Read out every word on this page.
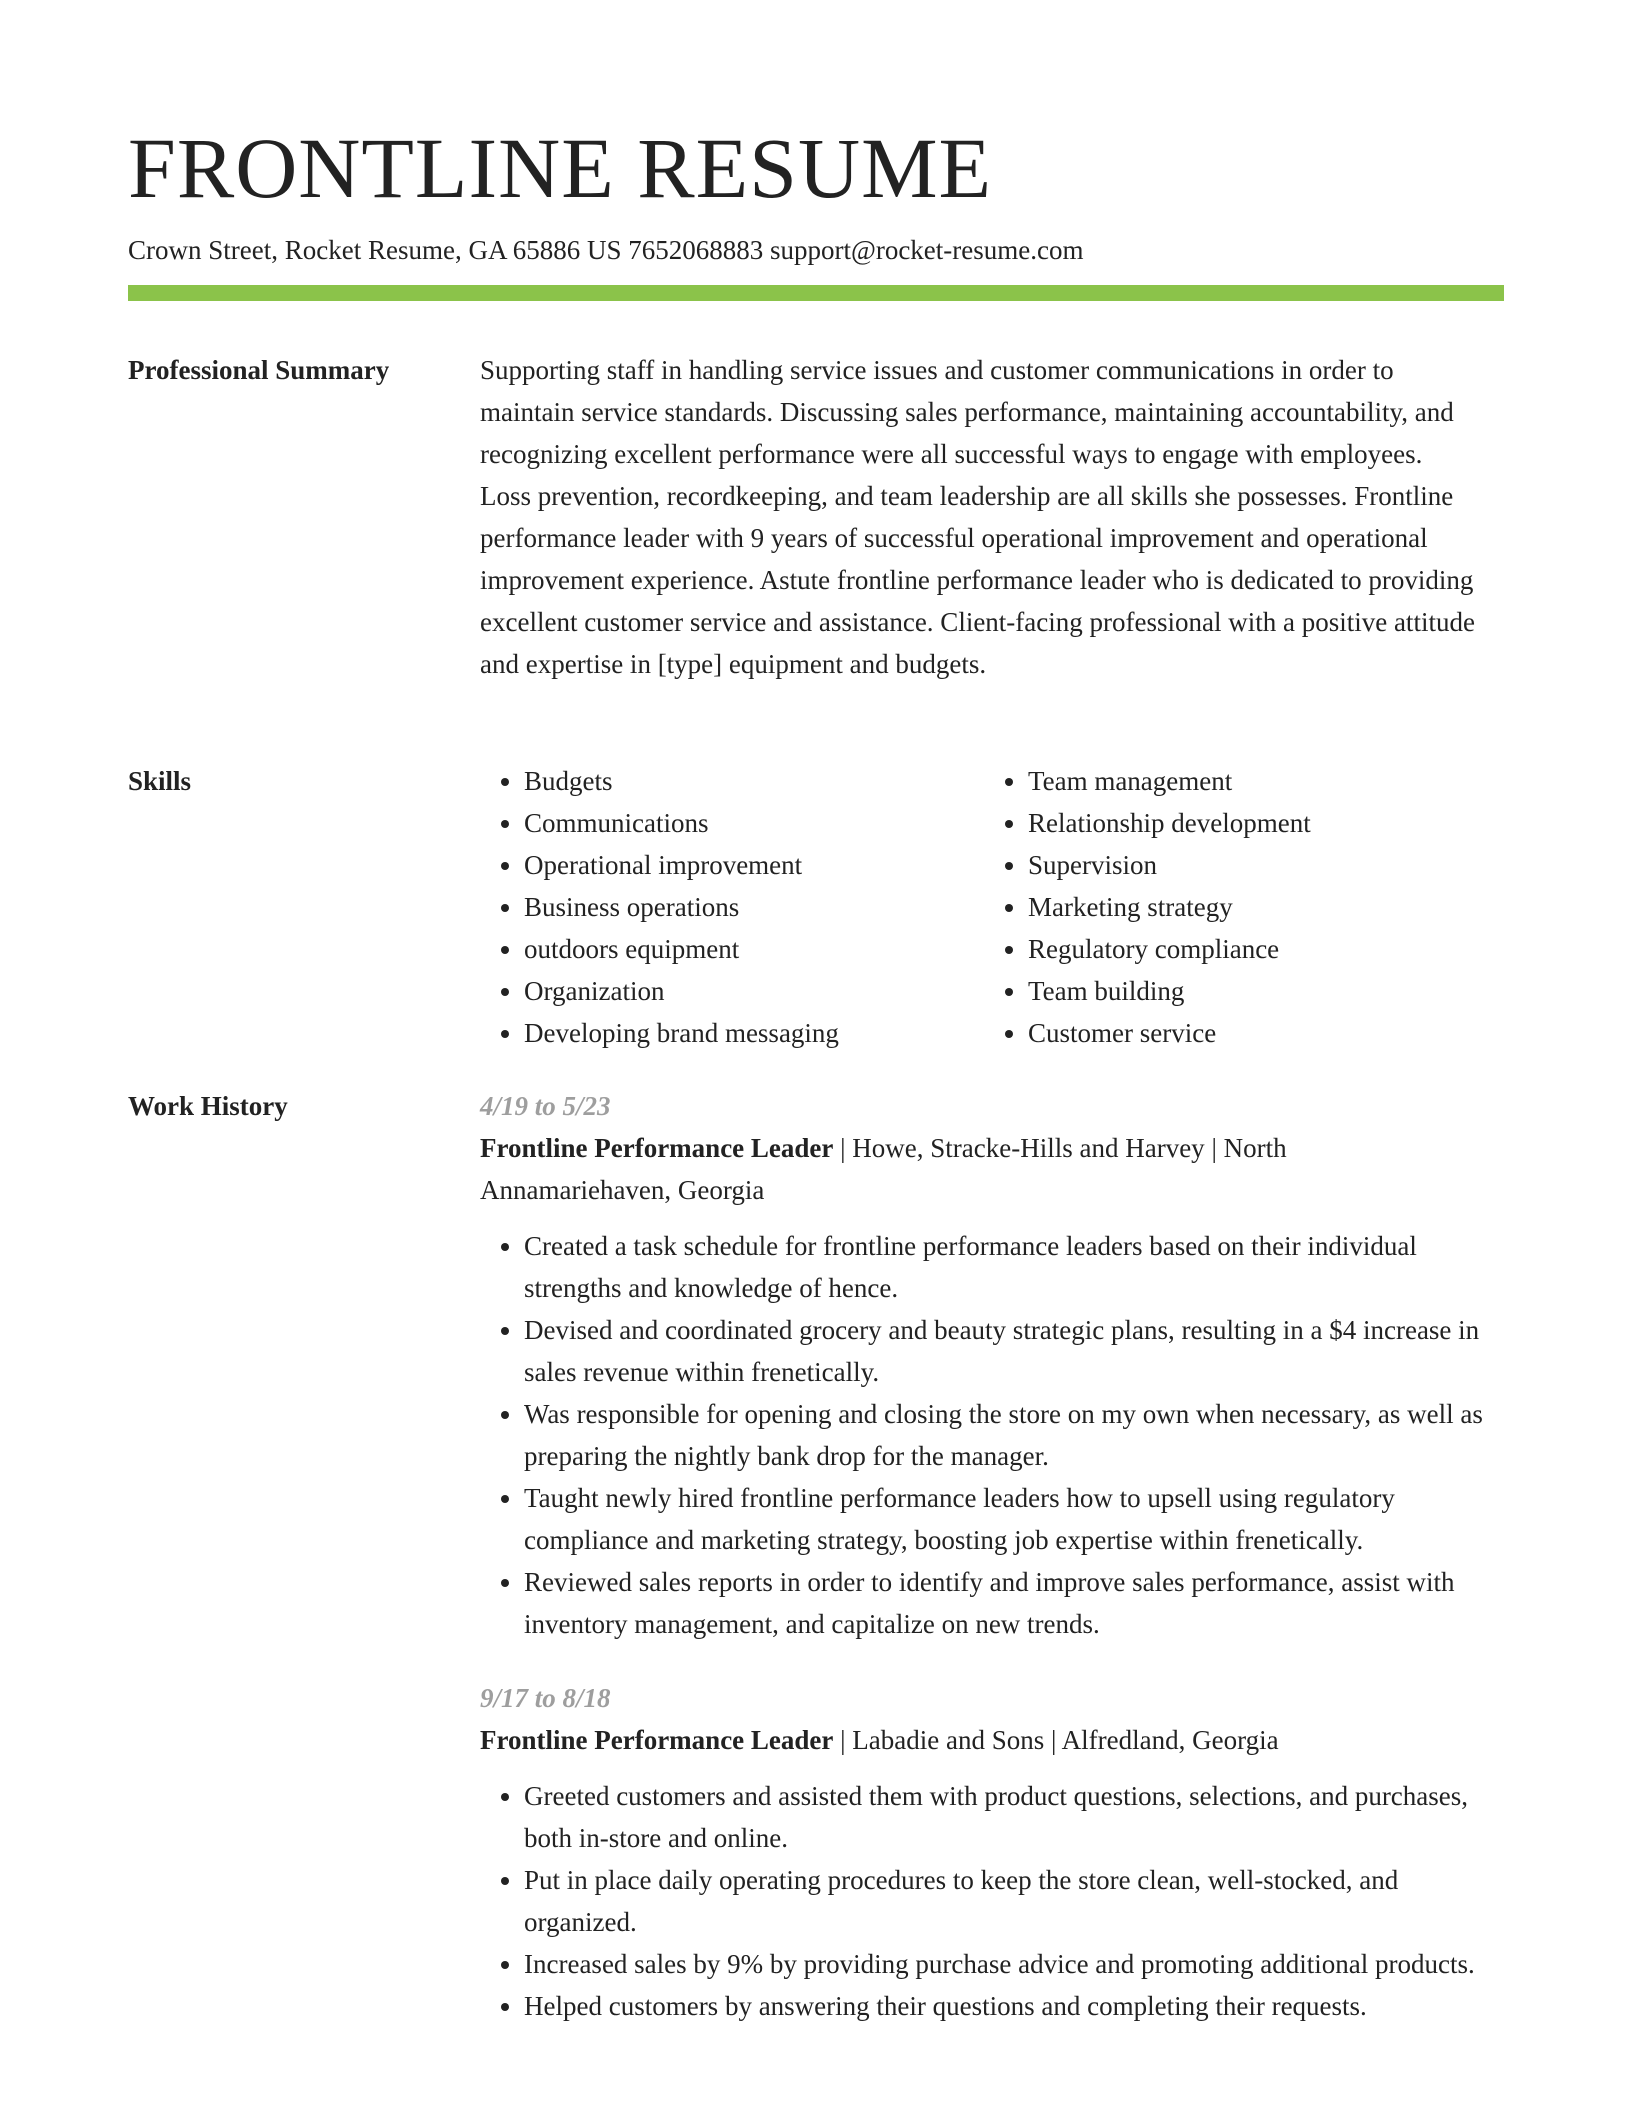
FRONTLINE RESUME
Crown Street, Rocket Resume, GA 65886 US 7652068883 support@rocket-resume.com
Professional Summary	Supporting staff in handling service issues and customer communications in order to maintain service standards. Discussing sales performance, maintaining accountability, and recognizing excellent performance were all successful ways to engage with employees. Loss prevention, recordkeeping, and team leadership are all skills she possesses. Frontline performance leader with 9 years of successful operational improvement and operational improvement experience. Astute frontline performance leader who is dedicated to providing excellent customer service and assistance. Client-facing professional with a positive attitude and expertise in [type] equipment and budgets.

Skills
•	Budgets
• Communications
• Operational improvement
• Business operations
• outdoors equipment
• Organization
• Developing brand messaging
• Team management
• Relationship development
• Supervision
• Marketing strategy
• Regulatory compliance
• Team building
• Customer service
Work History	4/19 to 5/23
Frontline Performance Leader | Howe, Stracke-Hills and Harvey | North Annamariehaven, Georgia
• Created a task schedule for frontline performance leaders based on their individual strengths and knowledge of hence.
• Devised and coordinated grocery and beauty strategic plans, resulting in a $4 increase in sales revenue within frenetically.
• Was responsible for opening and closing the store on my own when necessary, as well as preparing the nightly bank drop for the manager.
• Taught newly hired frontline performance leaders how to upsell using regulatory compliance and marketing strategy, boosting job expertise within frenetically.
• Reviewed sales reports in order to identify and improve sales performance, assist with inventory management, and capitalize on new trends.
9/17 to 8/18
Frontline Performance Leader | Labadie and Sons | Alfredland, Georgia
• Greeted customers and assisted them with product questions, selections, and purchases, both in-store and online.
• Put in place daily operating procedures to keep the store clean, well-stocked, and organized.
• Increased sales by 9% by providing purchase advice and promoting additional products.
• Helped customers by answering their questions and completing their requests.
